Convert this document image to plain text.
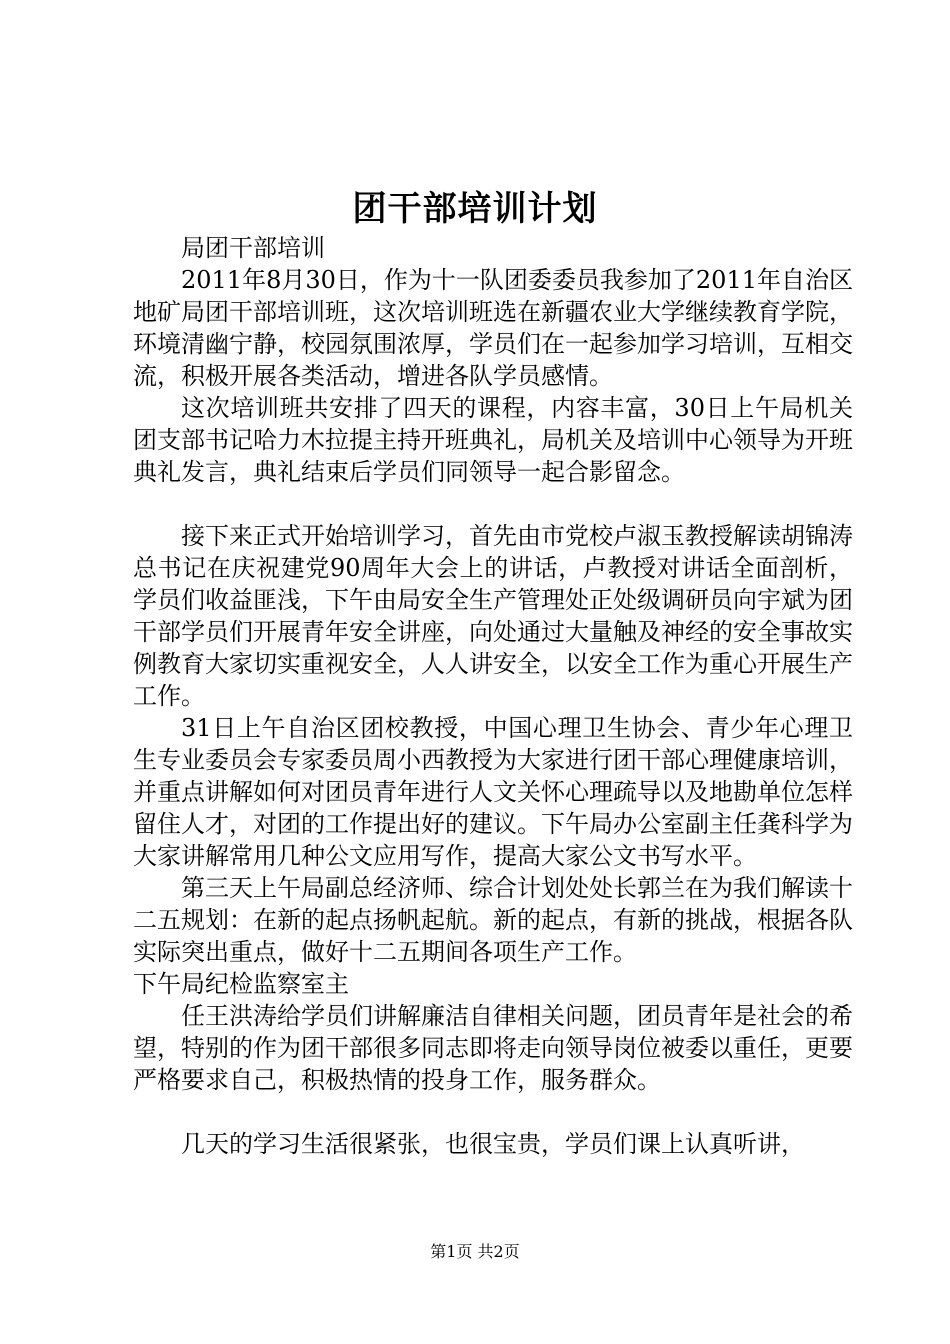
团干部培训计划

局团干部培训

2011年8月30日，作为十一队团委委员我参加了2011年自治区地矿局团干部培训班，这次培训班选在新疆农业大学继续教育学院，环境清幽宁静，校园氛围浓厚，学员们在一起参加学习培训，互相交流，积极开展各类活动，增进各队学员感情。

这次培训班共安排了四天的课程，内容丰富，30日上午局机关团支部书记哈力木拉提主持开班典礼，局机关及培训中心领导为开班典礼发言，典礼结束后学员们同领导一起合影留念。

接下来正式开始培训学习，首先由市党校卢淑玉教授解读胡锦涛总书记在庆祝建党90周年大会上的讲话，卢教授对讲话全面剖析，学员们收益匪浅，下午由局安全生产管理处正处级调研员向宇斌为团干部学员们开展青年安全讲座，向处通过大量触及神经的安全事故实例教育大家切实重视安全，人人讲安全，以安全工作为重心开展生产工作。

31日上午自治区团校教授，中国心理卫生协会、青少年心理卫生专业委员会专家委员周小西教授为大家进行团干部心理健康培训，并重点讲解如何对团员青年进行人文关怀心理疏导以及地勘单位怎样留住人才，对团的工作提出好的建议。下午局办公室副主任龚科学为大家讲解常用几种公文应用写作，提高大家公文书写水平。

第三天上午局副总经济师、综合计划处处长郭兰在为我们解读十二五规划：在新的起点扬帆起航。新的起点，有新的挑战，根据各队实际突出重点，做好十二五期间各项生产工作。

下午局纪检监察室主

任王洪涛给学员们讲解廉洁自律相关问题，团员青年是社会的希望，特别的作为团干部很多同志即将走向领导岗位被委以重任，更要严格要求自己，积极热情的投身工作，服务群众。

几天的学习生活很紧张，也很宝贵，学员们课上认真听讲，

第1页 共2页
